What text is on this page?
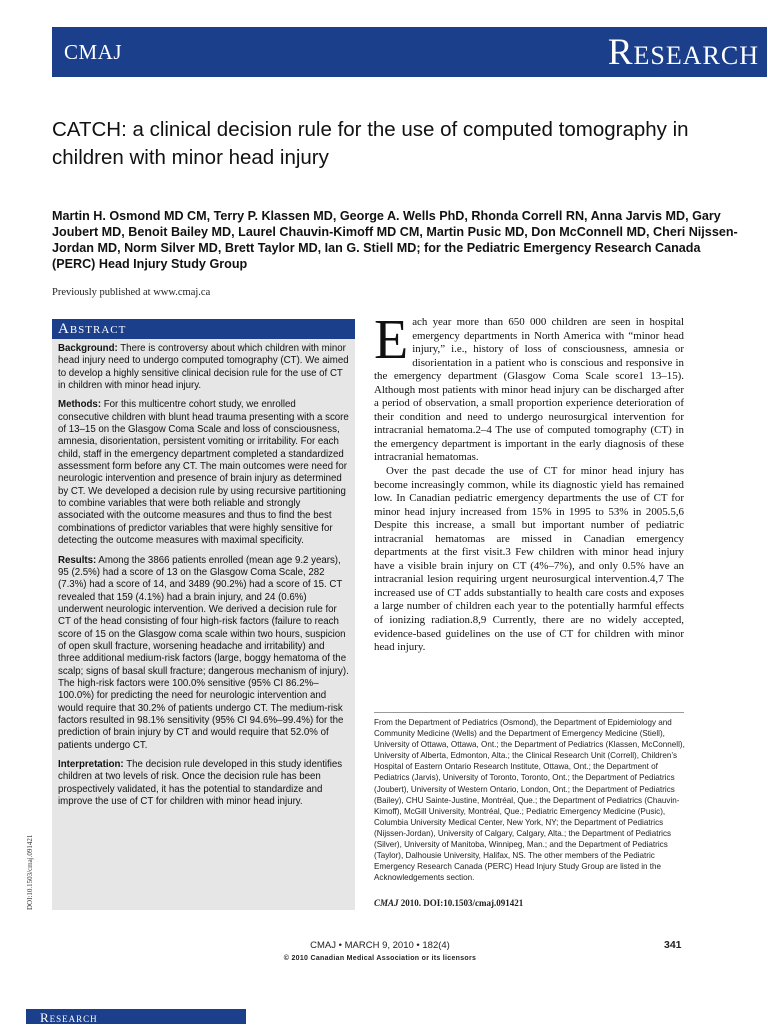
CMAJ	Research
CATCH: a clinical decision rule for the use of computed tomography in children with minor head injury

Martin H. Osmond MD CM, Terry P. Klassen MD, George A. Wells PhD, Rhonda Correll RN, Anna Jarvis MD, Gary Joubert MD, Benoit Bailey MD, Laurel Chauvin-Kimoff MD CM, Martin Pusic MD, Don McConnell MD, Cheri Nijssen-Jordan MD, Norm Silver MD, Brett Taylor MD, Ian G. Stiell MD; for the Pediatric Emergency Research Canada (PERC) Head Injury Study Group

Previously published at www.cmaj.ca
Abstract

Background: There is controversy about which children with minor head injury need to undergo computed tomography (CT). We aimed to develop a highly sensitive clinical decision rule for the use of CT in children with minor head injury.

Methods: For this multicentre cohort study, we enrolled consecutive children with blunt head trauma presenting with a score of 13–15 on the Glasgow Coma Scale and loss of consciousness, amnesia, disorientation, persistent vomiting or irritability. For each child, staff in the emergency department completed a standardized assessment form before any CT. The main outcomes were need for neurologic intervention and presence of brain injury as determined by CT. We developed a decision rule by using recursive partitioning to combine variables that were both reliable and strongly associated with the outcome measures and thus to find the best combinations of predictor variables that were highly sensitive for detecting the outcome measures with maximal specificity.

Results: Among the 3866 patients enrolled (mean age 9.2 years), 95 (2.5%) had a score of 13 on the Glasgow Coma Scale, 282 (7.3%) had a score of 14, and 3489 (90.2%) had a score of 15. CT revealed that 159 (4.1%) had a brain injury, and 24 (0.6%) underwent neurologic intervention. We derived a decision rule for CT of the head consisting of four high-risk factors (failure to reach score of 15 on the Glasgow coma scale within two hours, suspicion of open skull fracture, worsening headache and irritability) and three additional medium-risk factors (large, boggy hematoma of the scalp; signs of basal skull fracture; dangerous mechanism of injury). The high-risk factors were 100.0% sensitive (95% CI 86.2%–100.0%) for predicting the need for neurologic intervention and would require that 30.2% of patients undergo CT. The medium-risk factors resulted in 98.1% sensitivity (95% CI 94.6%–99.4%) for the prediction of brain injury by CT and would require that 52.0% of patients undergo CT.

Interpretation: The decision rule developed in this study identifies children at two levels of risk. Once the decision rule has been prospectively validated, it has the potential to standardize and improve the use of CT for children with minor head injury.

DOI:10.1503/cmaj.091421

Each year more than 650 000 children are seen in hospital emergency departments in North America with “minor head injury,” i.e., history of loss of consciousness, amnesia or disorientation in a patient who is conscious and responsive in the emergency department (Glasgow Coma Scale score1 13–15). Although most patients with minor head injury can be discharged after a period of observation, a small proportion experience deterioration of their condition and need to undergo neurosurgical intervention for intracranial hematoma.2–4 The use of computed tomography (CT) in the emergency department is important in the early diagnosis of these intracranial hematomas.

Over the past decade the use of CT for minor head injury has become increasingly common, while its diagnostic yield has remained low. In Canadian pediatric emergency departments the use of CT for minor head injury increased from 15% in 1995 to 53% in 2005.5,6 Despite this increase, a small but important number of pediatric intracranial hematomas are missed in Canadian emergency departments at the first visit.3 Few children with minor head injury have a visible brain injury on CT (4%–7%), and only 0.5% have an intracranial lesion requiring urgent neurosurgical intervention.4,7 The increased use of CT adds substantially to health care costs and exposes a large number of children each year to the potentially harmful effects of ionizing radiation.8,9 Currently, there are no widely accepted, evidence-based guidelines on the use of CT for children with minor head injury.

From the Department of Pediatrics (Osmond), the Department of Epidemiology and Community Medicine (Wells) and the Department of Emergency Medicine (Stiell), University of Ottawa, Ottawa, Ont.; the Department of Pediatrics (Klassen, McConnell), University of Alberta, Edmonton, Alta.; the Clinical Research Unit (Correll), Children’s Hospital of Eastern Ontario Research Institute, Ottawa, Ont.; the Department of Pediatrics (Jarvis), University of Toronto, Toronto, Ont.; the Department of Pediatrics (Joubert), University of Western Ontario, London, Ont.; the Department of Pediatrics (Bailey), CHU Sainte-Justine, Montréal, Que.; the Department of Pediatrics (Chauvin-Kimoff), McGill University, Montréal, Que.; Pediatric Emergency Medicine (Pusic), Columbia University Medical Center, New York, NY; the Department of Pediatrics (Nijssen-Jordan), University of Calgary, Calgary, Alta.; the Department of Pediatrics (Silver), University of Manitoba, Winnipeg, Man.; and the Department of Pediatrics (Taylor), Dalhousie University, Halifax, NS. The other members of the Pediatric Emergency Research Canada (PERC) Head Injury Study Group are listed in the Acknowledgements section.

CMAJ 2010. DOI:10.1503/cmaj.091421
CMAJ • MARCH 9, 2010 • 182(4)
© 2010 Canadian Medical Association or its licensors
341
Research
